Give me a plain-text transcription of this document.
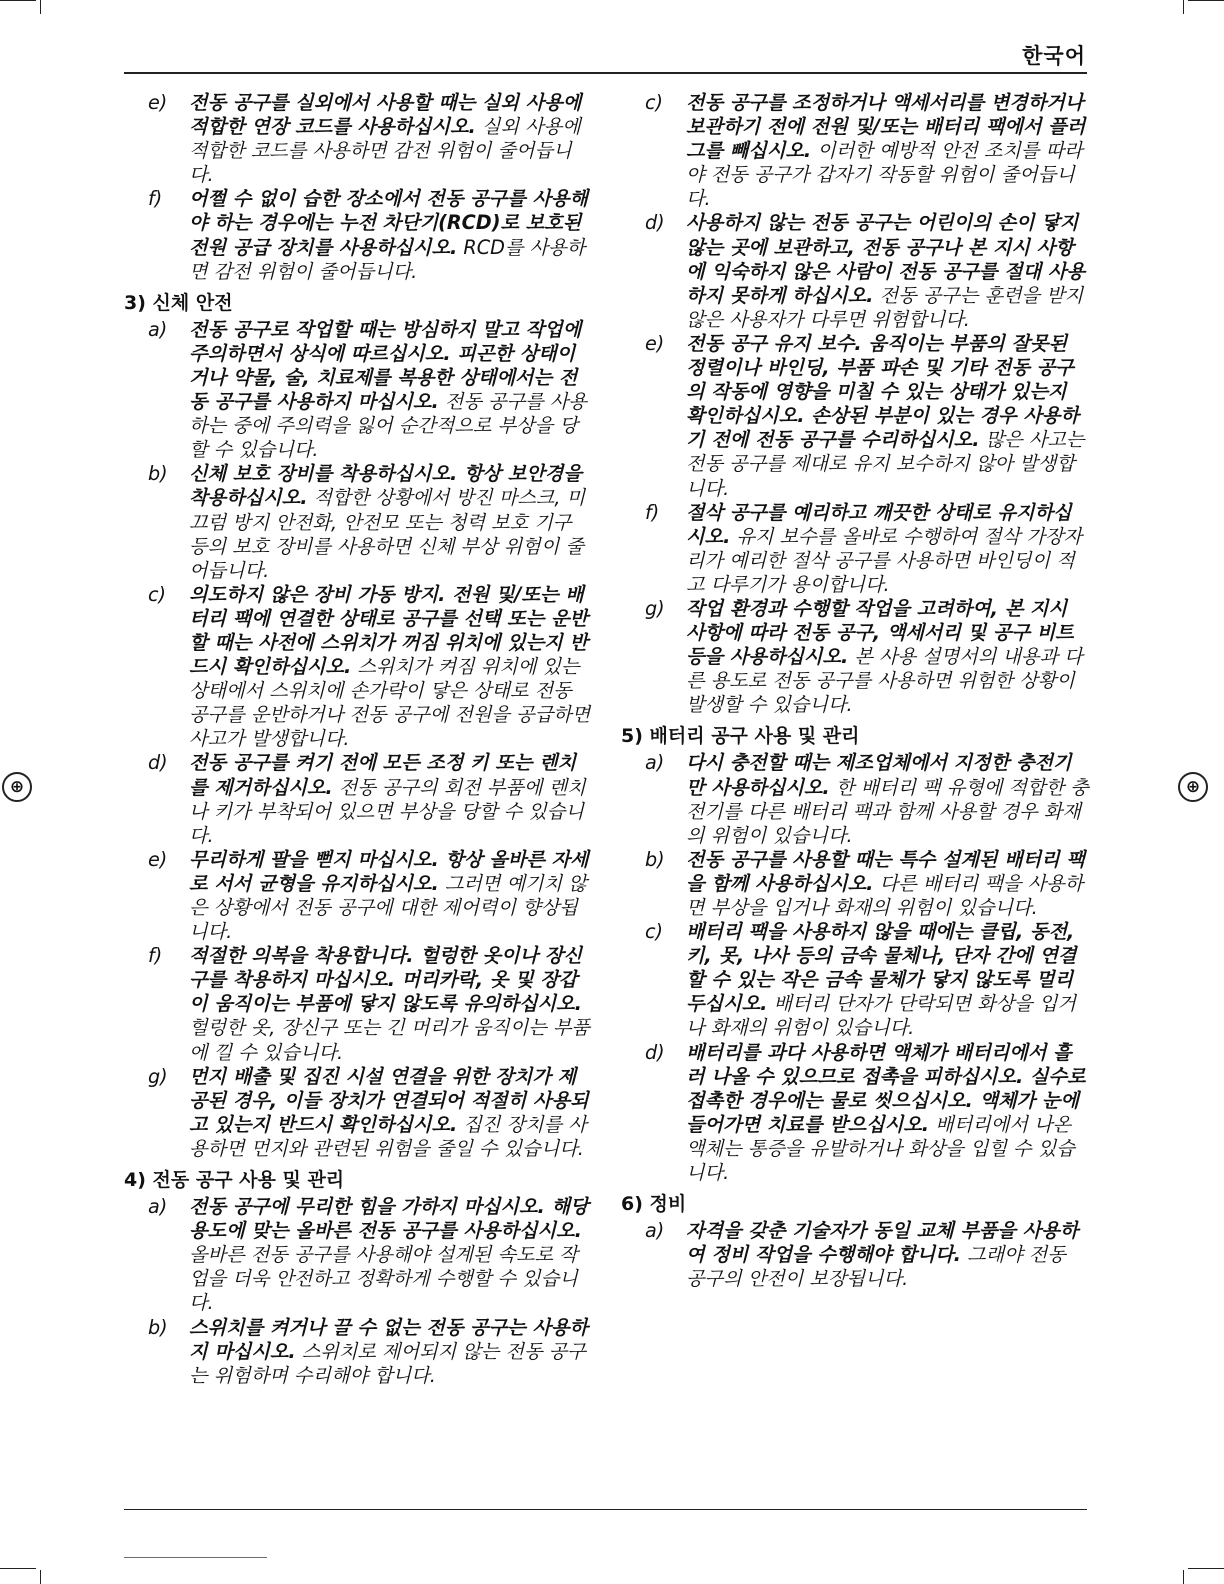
⊕	⊕
한국어
e) 전동 공구를 실외에서 사용할 때는 실외 사용에 적합한 연장 코드를 사용하십시오. 실외 사용에 적합한 코드를 사용하면 감전 위험이 줄어듭니다.
f) 어쩔 수 없이 습한 장소에서 전동 공구를 사용해야 하는 경우에는 누전 차단기(RCD)로 보호된 전원 공급 장치를 사용하십시오. RCD를 사용하면 감전 위험이 줄어듭니다.
3) 신체 안전
a) 전동 공구로 작업할 때는 방심하지 말고 작업에 주의하면서 상식에 따르십시오. 피곤한 상태이거나 약물, 술, 치료제를 복용한 상태에서는 전동 공구를 사용하지 마십시오. 전동 공구를 사용하는 중에 주의력을 잃어 순간적으로 부상을 당할 수 있습니다.
b) 신체 보호 장비를 착용하십시오. 항상 보안경을 착용하십시오. 적합한 상황에서 방진 마스크, 미끄럼 방지 안전화, 안전모 또는 청력 보호 기구 등의 보호 장비를 사용하면 신체 부상 위험이 줄어듭니다.
c) 의도하지 않은 장비 가동 방지. 전원 및/또는 배터리 팩에 연결한 상태로 공구를 선택 또는 운반할 때는 사전에 스위치가 꺼짐 위치에 있는지 반드시 확인하십시오. 스위치가 켜짐 위치에 있는 상태에서 스위치에 손가락이 닿은 상태로 전동 공구를 운반하거나 전동 공구에 전원을 공급하면 사고가 발생합니다.
d) 전동 공구를 켜기 전에 모든 조정 키 또는 렌치를 제거하십시오. 전동 공구의 회전 부품에 렌치나 키가 부착되어 있으면 부상을 당할 수 있습니다.
e) 무리하게 팔을 뻗지 마십시오. 항상 올바른 자세로 서서 균형을 유지하십시오. 그러면 예기치 않은 상황에서 전동 공구에 대한 제어력이 향상됩니다.
f) 적절한 의복을 착용합니다. 헐렁한 옷이나 장신구를 착용하지 마십시오. 머리카락, 옷 및 장갑이 움직이는 부품에 닿지 않도록 유의하십시오. 헐렁한 옷, 장신구 또는 긴 머리가 움직이는 부품에 낄 수 있습니다.
g) 먼지 배출 및 집진 시설 연결을 위한 장치가 제공된 경우, 이들 장치가 연결되어 적절히 사용되고 있는지 반드시 확인하십시오. 집진 장치를 사용하면 먼지와 관련된 위험을 줄일 수 있습니다.
4) 전동 공구 사용 및 관리
a) 전동 공구에 무리한 힘을 가하지 마십시오. 해당 용도에 맞는 올바른 전동 공구를 사용하십시오. 올바른 전동 공구를 사용해야 설계된 속도로 작업을 더욱 안전하고 정확하게 수행할 수 있습니다.
b) 스위치를 켜거나 끌 수 없는 전동 공구는 사용하지 마십시오. 스위치로 제어되지 않는 전동 공구는 위험하며 수리해야 합니다.
c) 전동 공구를 조정하거나 액세서리를 변경하거나 보관하기 전에 전원 및/또는 배터리 팩에서 플러그를 빼십시오. 이러한 예방적 안전 조치를 따라야 전동 공구가 갑자기 작동할 위험이 줄어듭니다.
d) 사용하지 않는 전동 공구는 어린이의 손이 닿지 않는 곳에 보관하고, 전동 공구나 본 지시 사항에 익숙하지 않은 사람이 전동 공구를 절대 사용하지 못하게 하십시오. 전동 공구는 훈련을 받지 않은 사용자가 다루면 위험합니다.
e) 전동 공구 유지 보수. 움직이는 부품의 잘못된 정렬이나 바인딩, 부품 파손 및 기타 전동 공구의 작동에 영향을 미칠 수 있는 상태가 있는지 확인하십시오. 손상된 부분이 있는 경우 사용하기 전에 전동 공구를 수리하십시오. 많은 사고는 전동 공구를 제대로 유지 보수하지 않아 발생합니다.
f) 절삭 공구를 예리하고 깨끗한 상태로 유지하십시오. 유지 보수를 올바로 수행하여 절삭 가장자리가 예리한 절삭 공구를 사용하면 바인딩이 적고 다루기가 용이합니다.
g) 작업 환경과 수행할 작업을 고려하여, 본 지시 사항에 따라 전동 공구, 액세서리 및 공구 비트 등을 사용하십시오. 본 사용 설명서의 내용과 다른 용도로 전동 공구를 사용하면 위험한 상황이 발생할 수 있습니다.
5) 배터리 공구 사용 및 관리
a) 다시 충전할 때는 제조업체에서 지정한 충전기만 사용하십시오. 한 배터리 팩 유형에 적합한 충전기를 다른 배터리 팩과 함께 사용할 경우 화재의 위험이 있습니다.
b) 전동 공구를 사용할 때는 특수 설계된 배터리 팩을 함께 사용하십시오. 다른 배터리 팩을 사용하면 부상을 입거나 화재의 위험이 있습니다.
c) 배터리 팩을 사용하지 않을 때에는 클립, 동전, 키, 못, 나사 등의 금속 물체나, 단자 간에 연결할 수 있는 작은 금속 물체가 닿지 않도록 멀리 두십시오. 배터리 단자가 단락되면 화상을 입거나 화재의 위험이 있습니다.
d) 배터리를 과다 사용하면 액체가 배터리에서 흘러 나올 수 있으므로 접촉을 피하십시오. 실수로 접촉한 경우에는 물로 씻으십시오. 액체가 눈에 들어가면 치료를 받으십시오. 배터리에서 나온 액체는 통증을 유발하거나 화상을 입힐 수 있습니다.
6) 정비
a) 자격을 갖춘 기술자가 동일 교체 부품을 사용하여 정비 작업을 수행해야 합니다. 그래야 전동 공구의 안전이 보장됩니다.
